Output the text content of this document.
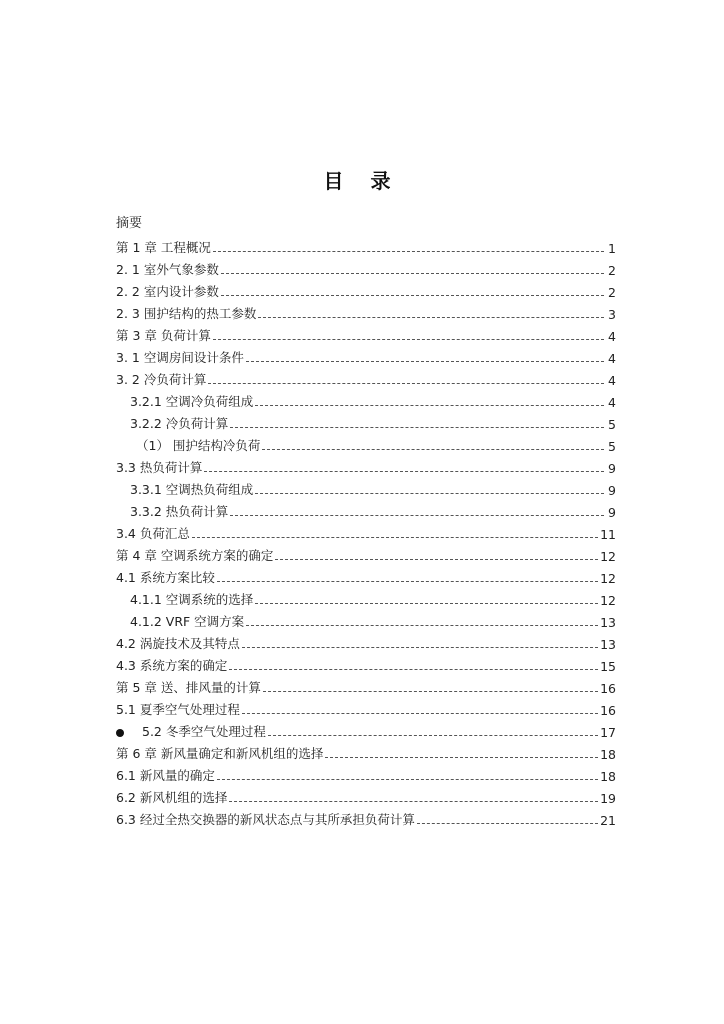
目 录
摘要
第 1 章 工程概况	1
2. 1 室外气象参数	2
2. 2 室内设计参数	2
2. 3 围护结构的热工参数	3
第 3 章 负荷计算	4
3. 1 空调房间设计条件	4
3. 2 冷负荷计算	4
3.2.1 空调冷负荷组成	4
3.2.2 冷负荷计算	5
（1） 围护结构冷负荷	5
3.3 热负荷计算	9
3.3.1 空调热负荷组成	9
3.3.2 热负荷计算	9
3.4 负荷汇总	11
第 4 章 空调系统方案的确定	12
4.1 系统方案比较	12
4.1.1 空调系统的选择	12
4.1.2 VRF 空调方案	13
4.2 涡旋技术及其特点	13
4.3 系统方案的确定	15
第 5 章 送、排风量的计算	16
5.1 夏季空气处理过程	16
5.2 冬季空气处理过程	17
第 6 章 新风量确定和新风机组的选择	18
6.1 新风量的确定	18
6.2 新风机组的选择	19
6.3 经过全热交换器的新风状态点与其所承担负荷计算	21
